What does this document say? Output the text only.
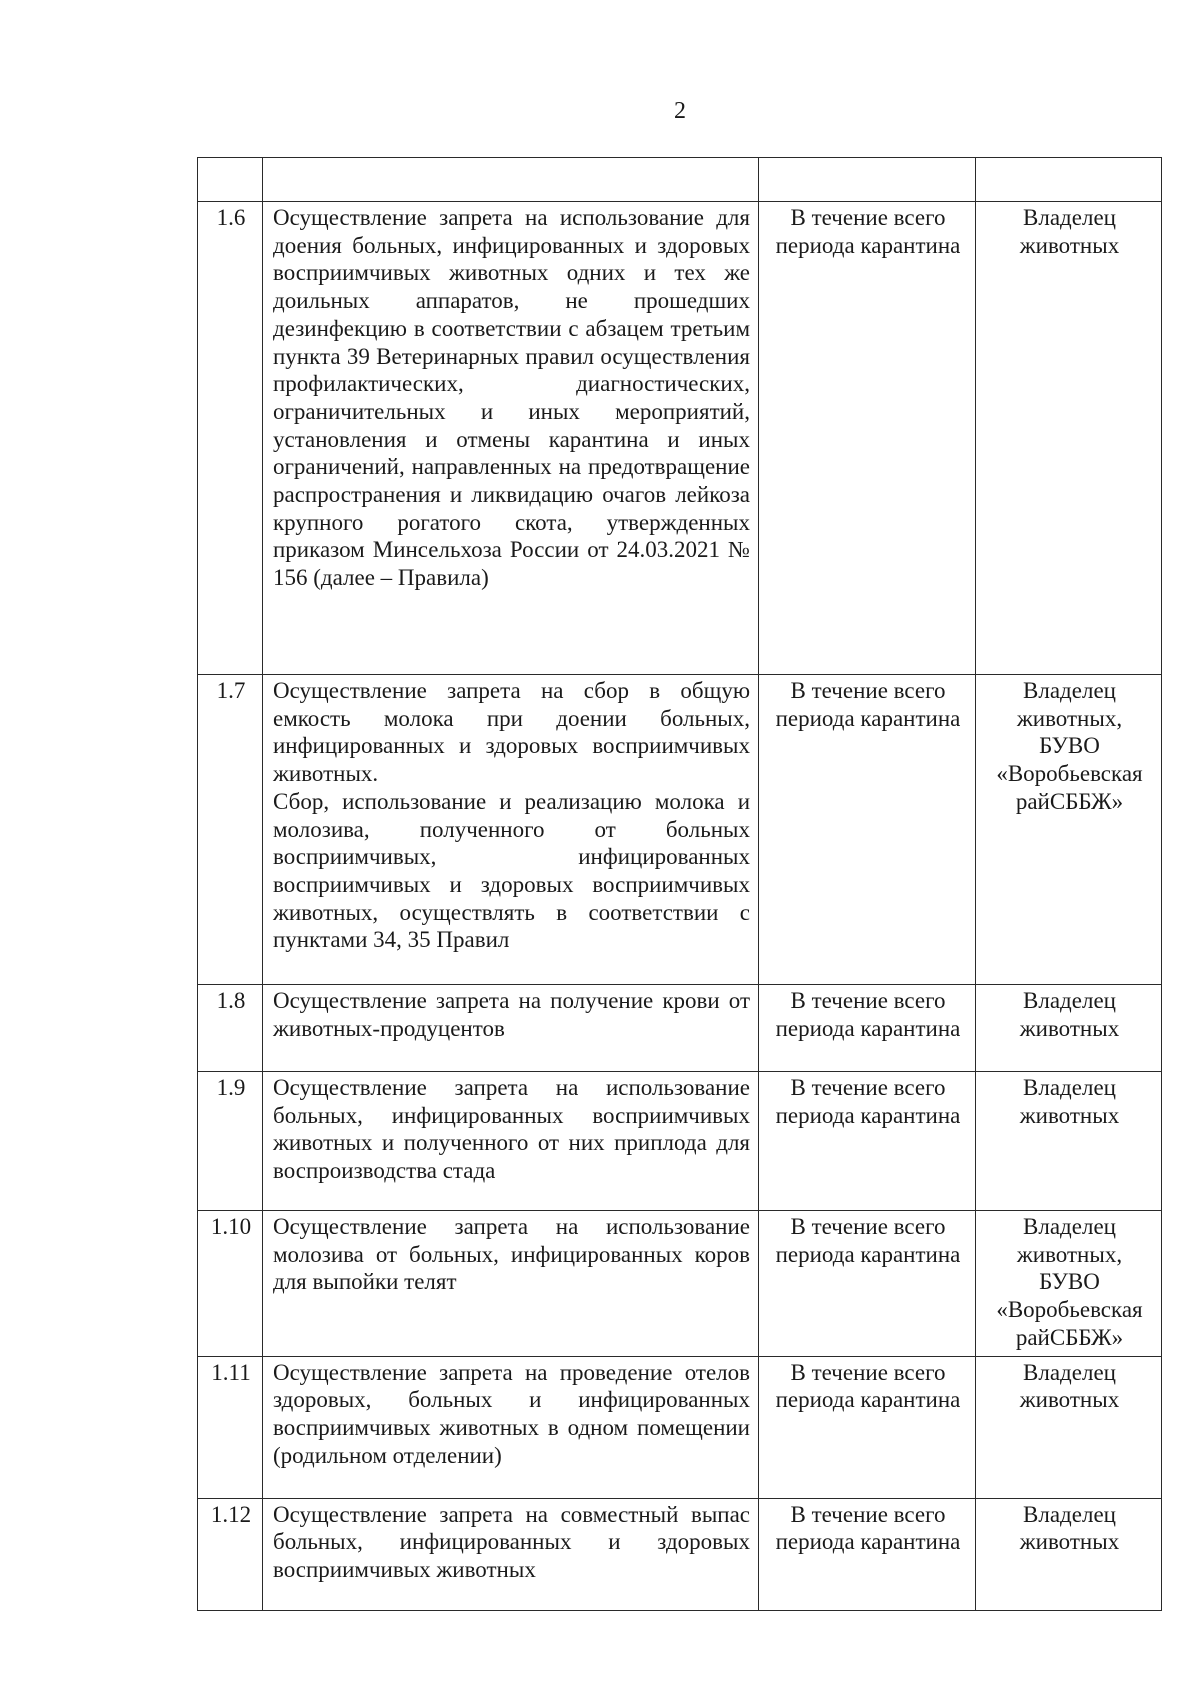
2

1.6	Осуществление запрета на использование для доения больных, инфицированных и здоровых восприимчивых животных одних и тех же доильных аппаратов, не прошедших дезинфекцию в соответствии с абзацем третьим пункта 39 Ветеринарных правил осуществления профилактических, диагностических, ограничительных и иных мероприятий, установления и отмены карантина и иных ограничений, направленных на предотвращение распространения и ликвидацию очагов лейкоза крупного рогатого скота, утвержденных приказом Минсельхоза России от 24.03.2021 № 156 (далее – Правила)	В течение всего периода карантина	Владелец животных
1.7	Осуществление запрета на сбор в общую емкость молока при доении больных, инфицированных и здоровых восприимчивых животных.
Сбор, использование и реализацию молока и молозива, полученного от больных восприимчивых, инфицированных восприимчивых и здоровых восприимчивых животных, осуществлять в соответствии с пунктами 34, 35 Правил	В течение всего периода карантина	Владелец животных, БУВО «Воробьевская райСББЖ»
1.8	Осуществление запрета на получение крови от животных-продуцентов	В течение всего периода карантина	Владелец животных
1.9	Осуществление запрета на использование больных, инфицированных восприимчивых животных и полученного от них приплода для воспроизводства стада	В течение всего периода карантина	Владелец животных
1.10	Осуществление запрета на использование молозива от больных, инфицированных коров для выпойки телят	В течение всего периода карантина	Владелец животных, БУВО «Воробьевская райСББЖ»
1.11	Осуществление запрета на проведение отелов здоровых, больных и инфицированных восприимчивых животных в одном помещении (родильном отделении)	В течение всего периода карантина	Владелец животных
1.12	Осуществление запрета на совместный выпас больных, инфицированных и здоровых восприимчивых животных	В течение всего периода карантина	Владелец животных
